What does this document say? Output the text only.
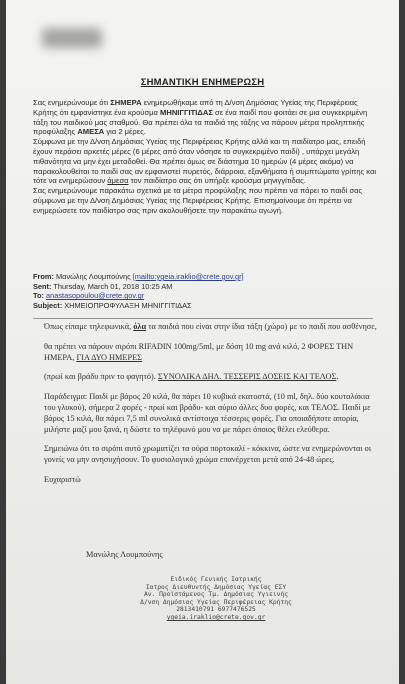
ΣΗΜΑΝΤΙΚΗ ΕΝΗΜΕΡΩΣΗ

Σας ενημερώνουμε ότι ΣΗΜΕΡΑ ενημερωθήκαμε από τη Δ/νση Δημόσιας Υγείας της Περιφέρειας Κρήτης ότι εμφανίστηκε ένα κρούσμα ΜΗΝΙΓΓΙΤΙΔΑΣ σε ένα παιδί που φοιτάει σε μια συγκεκριμένη τάξη του παιδικού μας σταθμού. Θα πρέπει όλα τα παιδιά της τάξης να πάρουν μέτρα προληπτικής προφύλαξης ΑΜΕΣΑ για 2 μέρες.

Σύμφωνα με την Δ/νση Δημόσιας Υγείας της Περιφέρειας Κρήτης αλλά και τη παιδίατρο μας, επειδή έχουν περάσει αρκετές μέρες (6 μέρες από όταν νόσησε το συγκεκριμένο παιδί) , υπάρχει μεγάλη πιθανότητα να μην έχει μεταδοθεί. Θα πρέπει όμως σε διάστημα 10 ημερών (4 μέρες ακόμα) να παρακολουθείται το παιδί σας αν εμφανιστεί πυρετός, διάρροια, εξανθήματα ή συμπτώματα γρίπης και τότε να ενημερώσουν άμεσα τον παιδίατρο σας ότι υπήρξε κρούσμα μηνιγγίτιδας.

Σας ενημερώνουμε παρακάτω σχετικά με τα μέτρα προφύλαξης που πρέπει να πάρει το παιδί σας σύμφωνα με την Δ/νση Δημόσιας Υγείας της Περιφέρειας Κρήτης. Επισημαίνουμε ότι πρέπει να ενημερώσετε τον παιδίατρο σας πριν ακολουθήσετε την παρακάτω αγωγή.

From: Μανώλης Λουμπούνης [mailto:ygeia.iraklio@crete.gov.gr]
Sent: Thursday, March 01, 2018 10:25 AM
To: anastasopoulou@crete.gov.gr
Subject: ΧΗΜΕΙΟΠΡΟΦΥΛΑΞΗ ΜΗΝΙΓΓΙΤΙΔΑΣ

Όπως είπαμε τηλεφωνικά, όλα τα παιδιά που είναι στην ίδια τάξη (χώρο) με το παιδί που ασθένησε,

θα πρέπει να πάρουν σιρόπι RIFADIN 100mg/5ml, με δόση 10 mg ανά κιλό, 2 ΦΟΡΕΣ ΤΗΝ ΗΜΕΡΑ, ΓΙΑ ΔΥΟ ΗΜΕΡΕΣ

(πρωί και βράδυ πριν το φαγητό). ΣΥΝΟΛΙΚΑ ΔΗΛ. ΤΕΣΣΕΡΙΣ ΔΟΣΕΙΣ ΚΑΙ ΤΕΛΟΣ.

Παράδειγμα: Παιδί με βάρος 20 κιλά, θα πάρει 10 κυβικά εκατοστά, (10 ml, δηλ. δύο κουταλάκια του γλυκού), σήμερα 2 φορές - πρωί και βράδυ- και αύριο άλλες δυο φορές, και ΤΕΛΟΣ. Παιδί με βάρος 15 κιλά, θα πάρει 7,5 ml συνολικά αντίστοιχα τέσσερις φορές. Για οποιαδήποτε απορία, μιλήστε μαζί μου ξανά, η δώστε το τηλέφωνό μου να με πάρει όποιος θέλει ελεύθερα.

Σημειώνω ότι το σιρόπι αυτό χρωματίζει τα ούρα πορτοκαλί - κόκκινα, ώστε να ενημερώνονται οι γονείς να μην ανησυχήσουν. Το φυσιολογικό χρώμα επανέρχεται μετά από 24-48 ώρες.

Ευχαριστώ

Μανώλης Λουμπούνης
Ειδικός Γενικής Ιατρικής
Ιατρος Διευθυντής Δημόσιας Υγείας ΕΣΥ
Αν. Προϊστάμενος Τμ. Δημόσιας Υγιεινής
Δ/νση Δημόσιας Υγείας Περιφέρειας Κρήτης
2813410791 6977476525
ygeia.iraklio@crete.gov.gr
